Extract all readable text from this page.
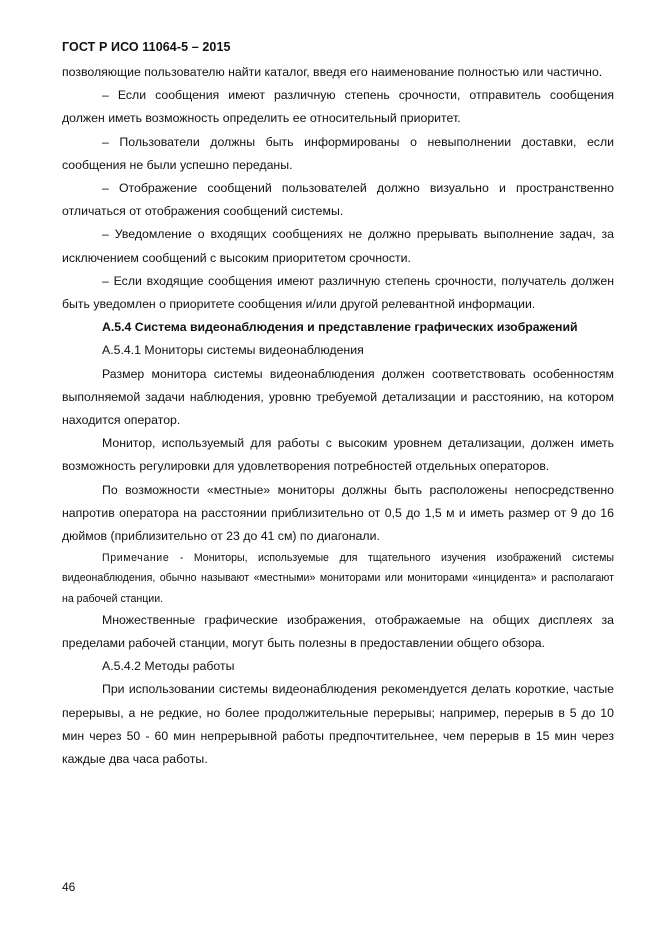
ГОСТ Р ИСО 11064-5 – 2015

позволяющие пользователю найти каталог, введя его наименование полностью или частично.

– Если сообщения имеют различную степень срочности, отправитель сообщения должен иметь возможность определить ее относительный приоритет.

– Пользователи должны быть информированы о невыполнении доставки, если сообщения не были успешно переданы.

– Отображение сообщений пользователей должно визуально и пространственно отличаться от отображения сообщений системы.

– Уведомление о входящих сообщениях не должно прерывать выполнение задач, за исключением сообщений с высоким приоритетом срочности.

– Если входящие сообщения имеют различную степень срочности, получатель должен быть уведомлен о приоритете сообщения и/или другой релевантной информации.

А.5.4 Система видеонаблюдения и представление графических изображений

А.5.4.1 Мониторы системы видеонаблюдения

Размер монитора системы видеонаблюдения должен соответствовать особенностям выполняемой задачи наблюдения, уровню требуемой детализации и расстоянию, на котором находится оператор.

Монитор, используемый для работы с высоким уровнем детализации, должен иметь возможность регулировки для удовлетворения потребностей отдельных операторов.

По возможности «местные» мониторы должны быть расположены непосредственно напротив оператора на расстоянии приблизительно от 0,5 до 1,5 м и иметь размер от 9 до 16 дюймов (приблизительно от 23 до 41 см) по диагонали.

Примечание - Мониторы, используемые для тщательного изучения изображений системы видеонаблюдения, обычно называют «местными» мониторами или мониторами «инцидента» и располагают на рабочей станции.

Множественные графические изображения, отображаемые на общих дисплеях за пределами рабочей станции, могут быть полезны в предоставлении общего обзора.

А.5.4.2 Методы работы

При использовании системы видеонаблюдения рекомендуется делать короткие, частые перерывы, а не редкие, но более продолжительные перерывы; например, перерыв в 5 до 10 мин через 50 - 60 мин непрерывной работы предпочтительнее, чем перерыв в 15 мин через каждые два часа работы.

46
